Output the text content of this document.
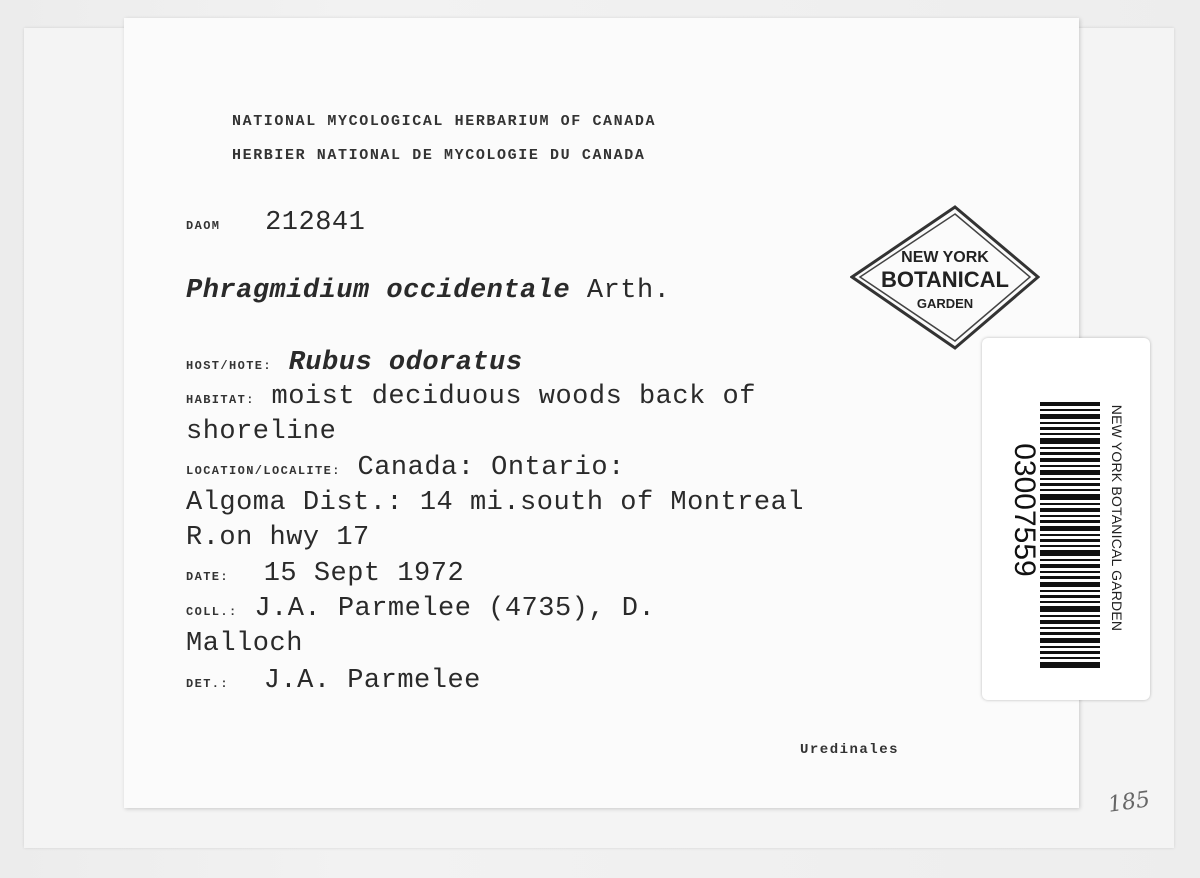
NATIONAL MYCOLOGICAL HERBARIUM OF CANADA
HERBIER NATIONAL DE MYCOLOGIE DU CANADA
DAOM 212841
Phragmidium occidentale Arth.
HOST/HOTE: Rubus odoratus
HABITAT: moist deciduous woods back of
shoreline
LOCATION/LOCALITE: Canada: Ontario:
Algoma Dist.: 14 mi.south of Montreal
R.on hwy 17
DATE: 15 Sept 1972
COLL.: J.A. Parmelee (4735), D.
Malloch
DET.: J.A. Parmelee
Uredinales
NEW YORK
BOTANICAL
GARDEN
03007559	NEW YORK BOTANICAL GARDEN
185
